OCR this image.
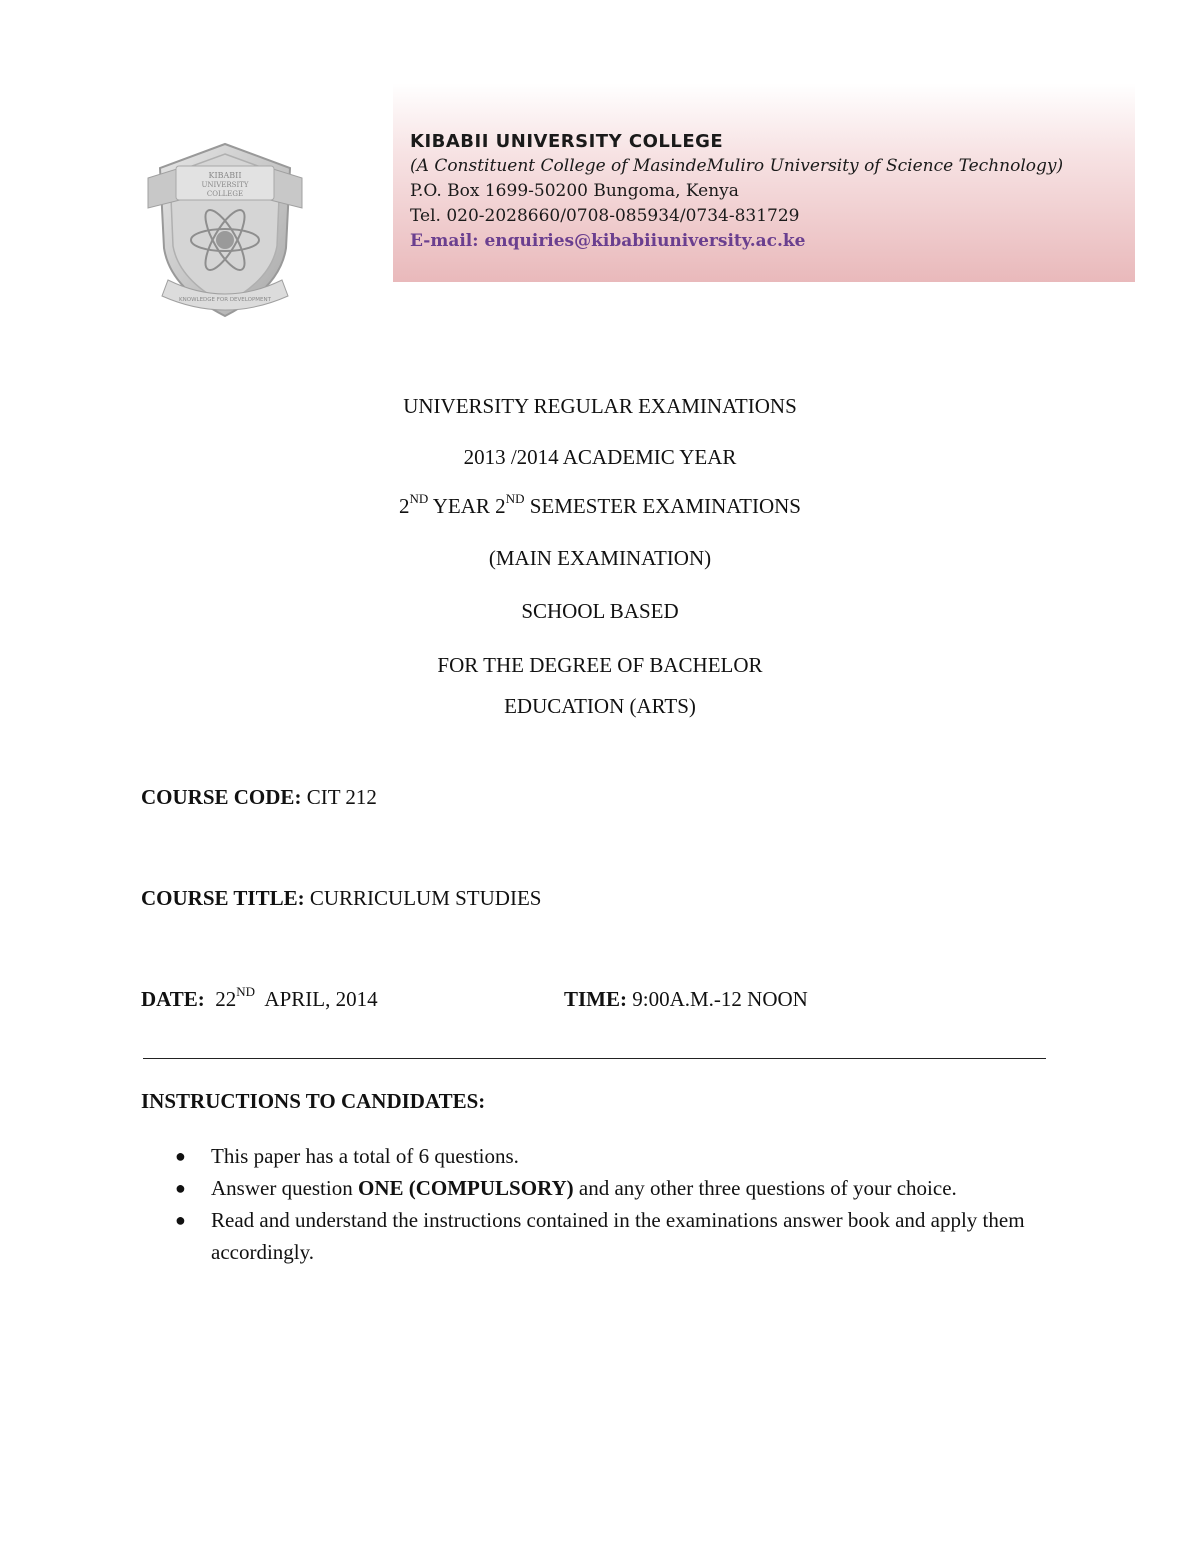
KIBABII
UNIVERSITY
COLLEGE
KNOWLEDGE FOR DEVELOPMENT
KIBABII UNIVERSITY COLLEGE
(A Constituent College of MasindeMuliro University of Science Technology)
P.O. Box 1699-50200 Bungoma, Kenya
Tel. 020-2028660/0708-085934/0734-831729
E-mail: enquiries@kibabiiuniversity.ac.ke
UNIVERSITY REGULAR EXAMINATIONS
2013 /2014 ACADEMIC YEAR
2ND YEAR 2ND SEMESTER EXAMINATIONS
(MAIN EXAMINATION)
SCHOOL BASED
FOR THE DEGREE OF BACHELOR
EDUCATION (ARTS)
COURSE CODE: CIT 212
COURSE TITLE: CURRICULUM STUDIES
DATE:  22ND  APRIL, 2014	TIME: 9:00A.M.-12 NOON
INSTRUCTIONS TO CANDIDATES:
● This paper has a total of 6 questions.
● Answer question ONE (COMPULSORY) and any other three questions of your choice.
● Read and understand the instructions contained in the examinations answer book and apply them accordingly.
